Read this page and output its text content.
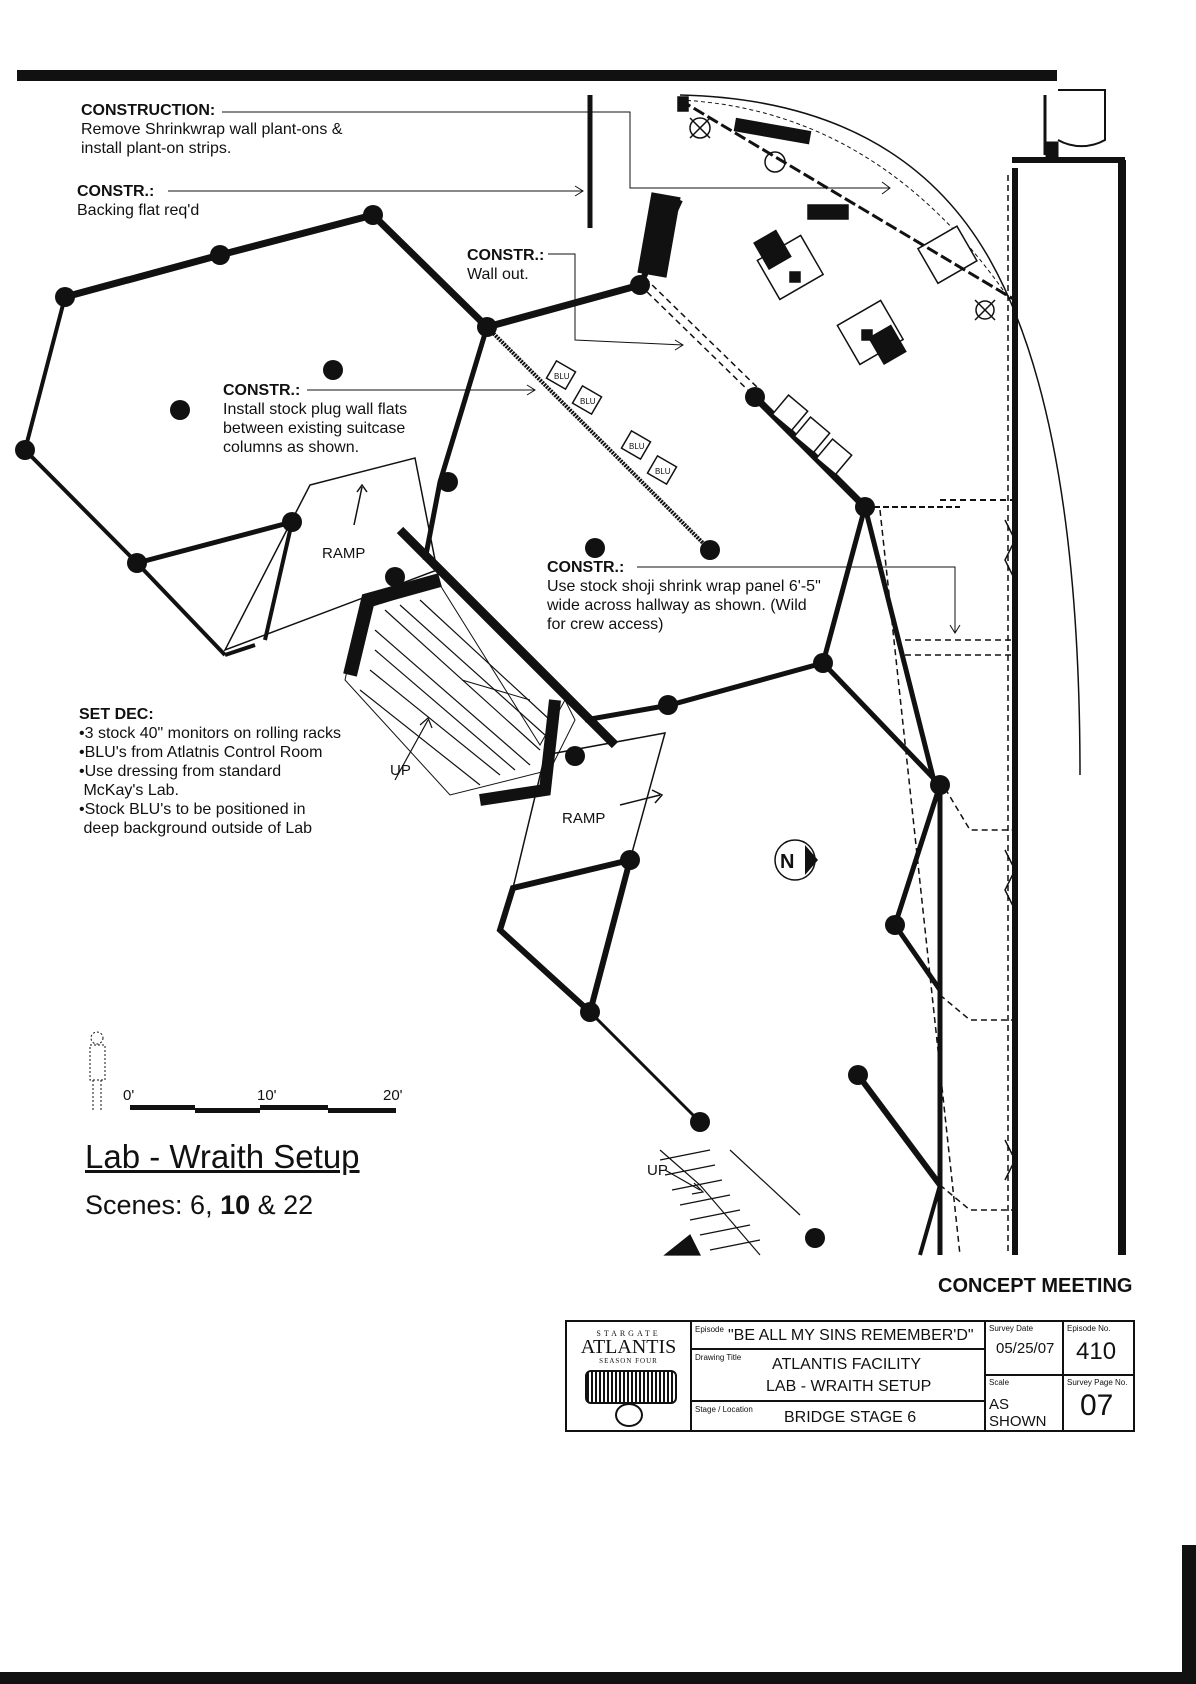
BLU
BLU
BLU
BLU
N
RAMP
RAMP
UP
UP
0'	10'	20'
CONSTRUCTION:
Remove Shrinkwrap wall plant-ons &
install plant-on strips.
CONSTR.:
Backing flat req'd
CONSTR.:
Wall out.
CONSTR.:
Install stock plug wall flats
between existing suitcase
columns as shown.
CONSTR.:
Use stock shoji shrink wrap panel 6'-5"
wide across hallway as shown. (Wild
for crew access)
SET DEC:
•3 stock 40" monitors on rolling racks
•BLU's from Atlatnis Control Room
•Use dressing from standard
McKay's Lab.
•Stock BLU's to be positioned in
deep background outside of Lab
Lab - Wraith Setup
Scenes: 6, 10 & 22
CONCEPT MEETING
STARGATE
ATLANTIS
SEASON FOUR
Episode "BE ALL MY SINS REMEMBER'D"
Drawing Title ATLANTIS FACILITY
LAB - WRAITH SETUP
Stage / Location BRIDGE STAGE 6
Survey Date
05/25/07
Episode No.
410
Scale
AS SHOWN
Survey Page No.
07
